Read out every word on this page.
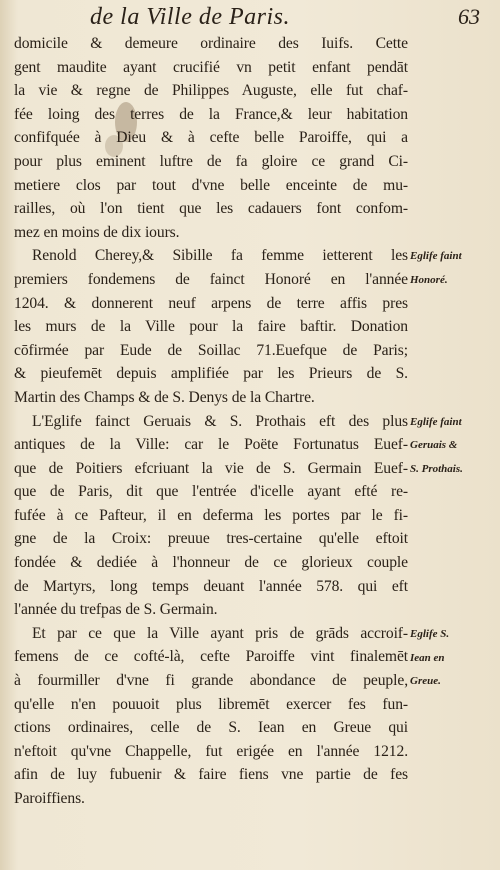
de la Ville de Paris.	63
domicile & demeure ordinaire des Iuifs. Cette
gent maudite ayant crucifié vn petit enfant pendāt
la vie & regne de Philippes Auguste, elle fut chaf-
fée loing des terres de la France,& leur habitation
confifquée à Dieu & à cefte belle Paroiffe, qui a
pour plus eminent luftre de fa gloire ce grand Ci-
metiere clos par tout d'vne belle enceinte de mu-
railles, où l'on tient que les cadauers font confom-
mez en moins de dix iours.
Renold Cherey,& Sibille fa femme ietterent les
premiers fondemens de fainct Honoré en l'année
1204. & donnerent neuf arpens de terre affis pres
les murs de la Ville pour la faire baftir. Donation
cōfirmée par Eude de Soillac 71.Euefque de Paris;
& pieufemēt depuis amplifiée par les Prieurs de S.
Martin des Champs & de S. Denys de la Chartre.
L'Eglife fainct Geruais & S. Prothais eft des plus
antiques de la Ville: car le Poëte Fortunatus Euef-
que de Poitiers efcriuant la vie de S. Germain Euef-
que de Paris, dit que l'entrée d'icelle ayant efté re-
fufée à ce Pafteur, il en deferma les portes par le fi-
gne de la Croix: preuue tres-certaine qu'elle eftoit
fondée & dediée à l'honneur de ce glorieux couple
de Martyrs, long temps deuant l'année 578. qui eft
l'année du trefpas de S. Germain.
Et par ce que la Ville ayant pris de grāds accroif-
femens de ce cofté-là, cefte Paroiffe vint finalemēt
à fourmiller d'vne fi grande abondance de peuple,
qu'elle n'en pouuoit plus libremēt exercer fes fun-
ctions ordinaires, celle de S. Iean en Greue qui
n'eftoit qu'vne Chappelle, fut erigée en l'année 1212.
afin de luy fubuenir & faire fiens vne partie de fes
Paroiffiens.
Eglife faint
Honoré.
Eglife faint
Geruais &
S. Prothais.
Eglife S.
Iean en
Greue.
